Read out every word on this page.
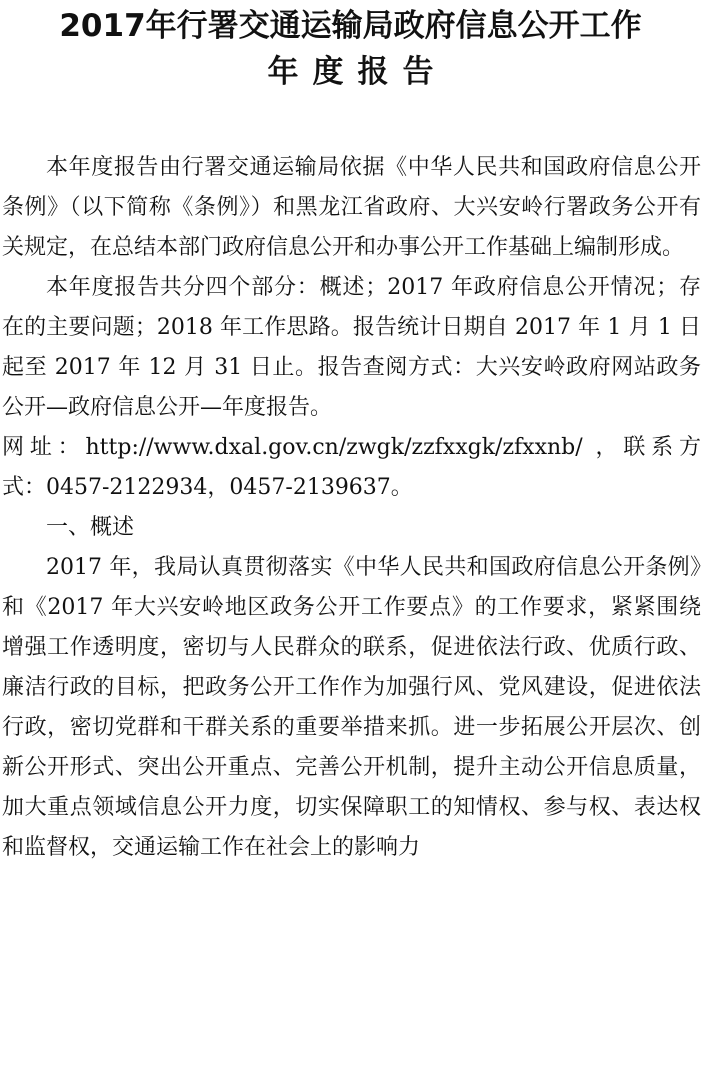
2017年行署交通运输局政府信息公开工作
年度报告

本年度报告由行署交通运输局依据《中华人民共和国政府信息公开条例》（以下简称《条例》）和黑龙江省政府、大兴安岭行署政务公开有关规定，在总结本部门政府信息公开和办事公开工作基础上编制形成。

本年度报告共分四个部分：概述；2017 年政府信息公开情况；存在的主要问题；2018 年工作思路。报告统计日期自 2017 年 1 月 1 日起至 2017 年 12 月 31 日止。报告查阅方式：大兴安岭政府网站政务公开—政府信息公开—年度报告。

网址：http://www.dxal.gov.cn/zwgk/zzfxxgk/zfxxnb/ ，联系方式：0457-2122934，0457-2139637。

一、概述

2017 年，我局认真贯彻落实《中华人民共和国政府信息公开条例》和《2017 年大兴安岭地区政务公开工作要点》的工作要求，紧紧围绕增强工作透明度，密切与人民群众的联系，促进依法行政、优质行政、廉洁行政的目标，把政务公开工作作为加强行风、党风建设，促进依法行政，密切党群和干群关系的重要举措来抓。进一步拓展公开层次、创新公开形式、突出公开重点、完善公开机制，提升主动公开信息质量，加大重点领域信息公开力度，切实保障职工的知情权、参与权、表达权和监督权，交通运输工作在社会上的影响力
